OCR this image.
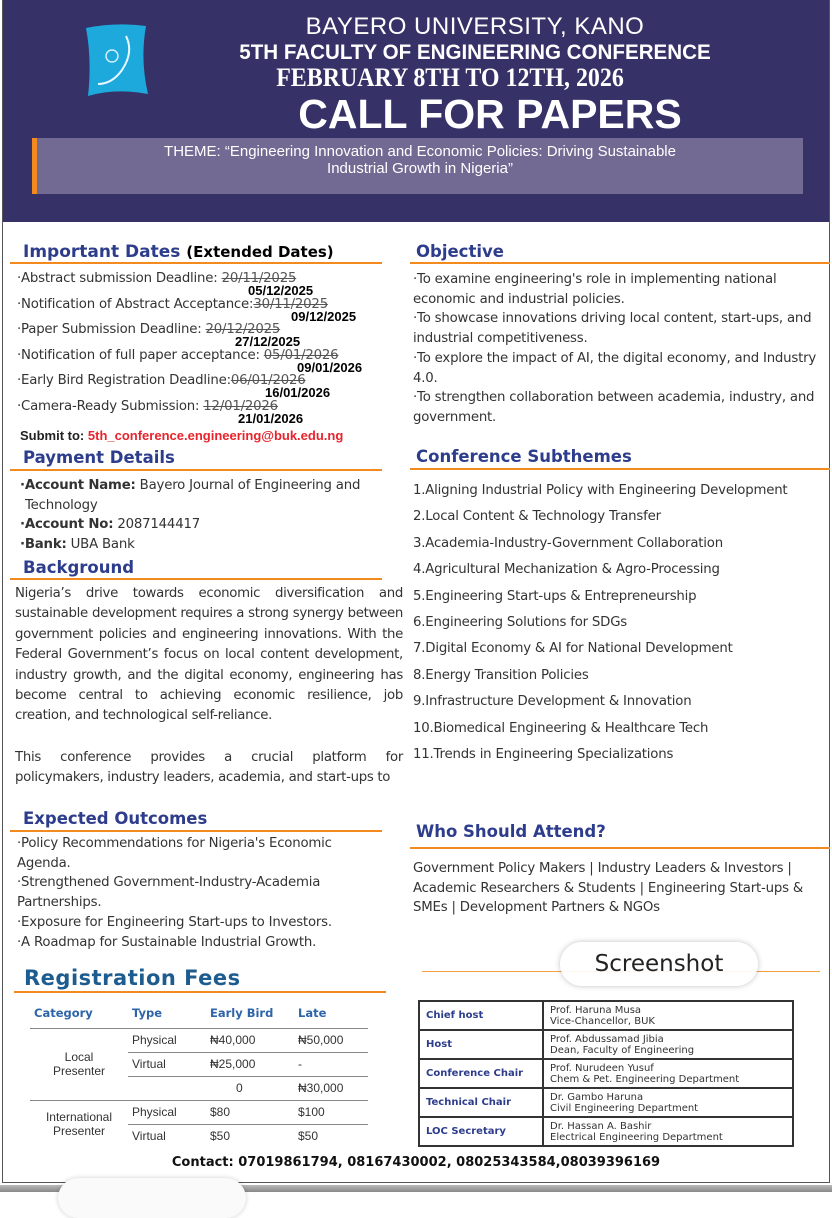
BAYERO UNIVERSITY, KANO
5TH FACULTY OF ENGINEERING CONFERENCE
FEBRUARY 8TH TO 12TH, 2026
CALL FOR PAPERS
THEME: “Engineering Innovation and Economic Policies: Driving Sustainable
Industrial Growth in Nigeria”
Important Dates (Extended Dates)
·Abstract submission Deadline: 20/11/2025
05/12/2025
·Notification of Abstract Acceptance:30/11/2025
09/12/2025
·Paper Submission Deadline: 20/12/2025
27/12/2025
·Notification of full paper acceptance: 05/01/2026
09/01/2026
·Early Bird Registration Deadline:06/01/2026
16/01/2026
·Camera-Ready Submission: 12/01/2026
21/01/2026
Submit to: 5th_conference.engineering@buk.edu.ng
Payment Details
·Account Name: Bayero Journal of Engineering and
Technology
·Account No: 2087144417
·Bank: UBA Bank
Background
Nigeria’s drive towards economic diversification and sustainable development requires a strong synergy between government policies and engineering innovations. With the Federal Government’s focus on local content development, industry growth, and the digital economy, engineering has become central to achieving economic resilience, job creation, and technological self-reliance.
This conference provides a crucial platform for policymakers, industry leaders, academia, and start-ups to
Expected Outcomes
·Policy Recommendations for Nigeria's Economic Agenda.
·Strengthened Government-Industry-Academia Partnerships.
·Exposure for Engineering Start-ups to Investors.
·A Roadmap for Sustainable Industrial Growth.
Registration Fees
Category	Type	Early Bird	Late
Local Presenter	Physical	₦40,000	₦50,000
	Virtual	₦25,000	-
		0	₦30,000
International Presenter	Physical	$80	$100
	Virtual	$50	$50
Contact: 07019861794, 08167430002, 08025343584,08039396169
Objective
·To examine engineering's role in implementing national economic and industrial policies.
·To showcase innovations driving local content, start-ups, and industrial competitiveness.
·To explore the impact of AI, the digital economy, and Industry 4.0.
·To strengthen collaboration between academia, industry, and government.
Conference Subthemes
1.Aligning Industrial Policy with Engineering Development
2.Local Content & Technology Transfer
3.Academia-Industry-Government Collaboration
4.Agricultural Mechanization & Agro-Processing
5.Engineering Start-ups & Entrepreneurship
6.Engineering Solutions for SDGs
7.Digital Economy & AI for National Development
8.Energy Transition Policies
9.Infrastructure Development & Innovation
10.Biomedical Engineering & Healthcare Tech
11.Trends in Engineering Specializations
Who Should Attend?
Government Policy Makers | Industry Leaders & Investors | Academic Researchers & Students | Engineering Start-ups & SMEs | Development Partners & NGOs
Chief host	Prof. Haruna Musa
Vice-Chancellor, BUK

Host	Prof. Abdussamad Jibia
Dean, Faculty of Engineering

Conference Chair	Prof. Nurudeen Yusuf
Chem & Pet. Engineering Department

Technical Chair	Dr. Gambo Haruna
Civil Engineering Department

LOC Secretary	Dr. Hassan A. Bashir
Electrical Engineering Department
Screenshot
